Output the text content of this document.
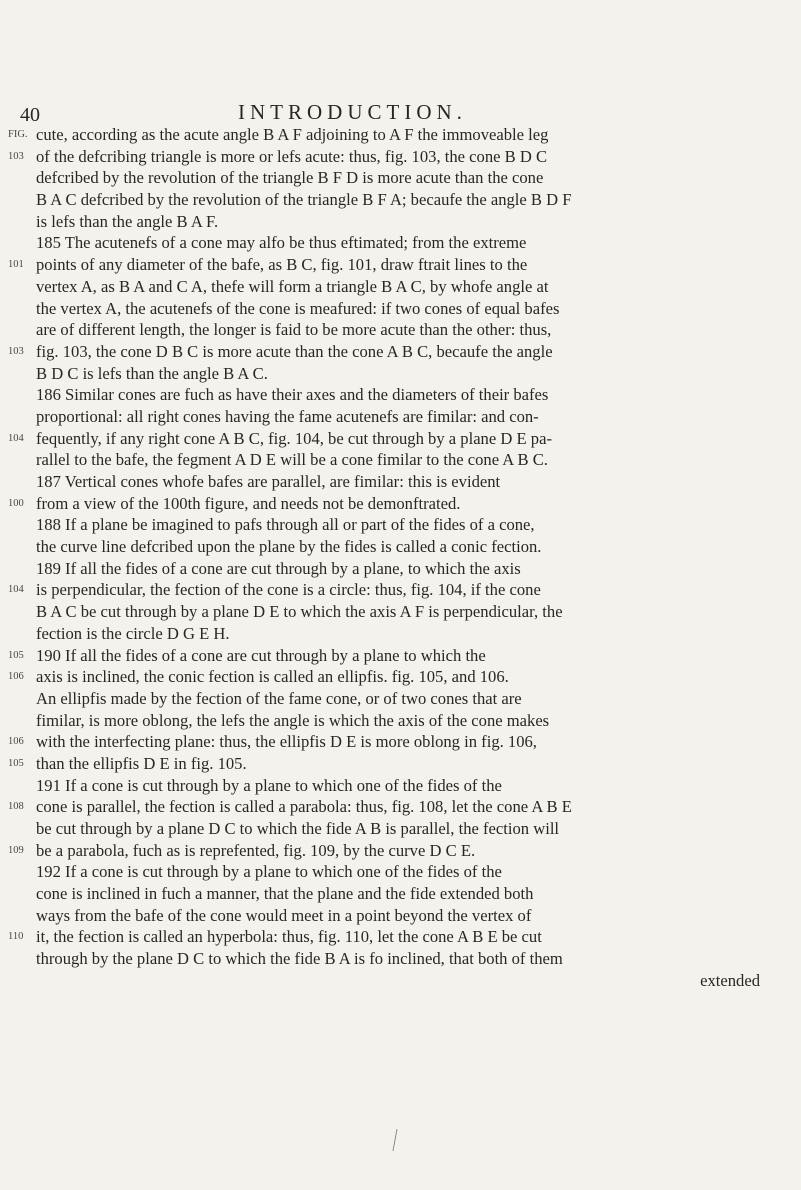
40	INTRODUCTION.
FIG. cute, according as the acute angle B A F adjoining to A F the immoveable leg
103 of the defcribing triangle is more or lefs acute: thus, fig. 103, the cone B D C
defcribed by the revolution of the triangle B F D is more acute than the cone
B A C defcribed by the revolution of the triangle B F A; becaufe the angle B D F
is lefs than the angle B A F.
185 The acutenefs of a cone may alfo be thus eftimated; from the extreme
101 points of any diameter of the bafe, as B C, fig. 101, draw ftrait lines to the
vertex A, as B A and C A, thefe will form a triangle B A C, by whofe angle at
the vertex A, the acutenefs of the cone is meafured: if two cones of equal bafes
are of different length, the longer is faid to be more acute than the other: thus,
103 fig. 103, the cone D B C is more acute than the cone A B C, becaufe the angle
B D C is lefs than the angle B A C.
186 Similar cones are fuch as have their axes and the diameters of their bafes
proportional: all right cones having the fame acutenefs are fimilar: and con-
104 fequently, if any right cone A B C, fig. 104, be cut through by a plane D E pa-
rallel to the bafe, the fegment A D E will be a cone fimilar to the cone A B C.
187 Vertical cones whofe bafes are parallel, are fimilar: this is evident
100 from a view of the 100th figure, and needs not be demonftrated.
188 If a plane be imagined to pafs through all or part of the fides of a cone,
the curve line defcribed upon the plane by the fides is called a conic fection.
189 If all the fides of a cone are cut through by a plane, to which the axis
104 is perpendicular, the fection of the cone is a circle: thus, fig. 104, if the cone
B A C be cut through by a plane D E to which the axis A F is perpendicular, the
fection is the circle D G E H.
105 190 If all the fides of a cone are cut through by a plane to which the
106 axis is inclined, the conic fection is called an ellipfis. fig. 105, and 106.
An ellipfis made by the fection of the fame cone, or of two cones that are
fimilar, is more oblong, the lefs the angle is which the axis of the cone makes
106 with the interfecting plane: thus, the ellipfis D E is more oblong in fig. 106,
105 than the ellipfis D E in fig. 105.
191 If a cone is cut through by a plane to which one of the fides of the
108 cone is parallel, the fection is called a parabola: thus, fig. 108, let the cone A B E
be cut through by a plane D C to which the fide A B is parallel, the fection will
109 be a parabola, fuch as is reprefented, fig. 109, by the curve D C E.
192 If a cone is cut through by a plane to which one of the fides of the
cone is inclined in fuch a manner, that the plane and the fide extended both
ways from the bafe of the cone would meet in a point beyond the vertex of
110 it, the fection is called an hyperbola: thus, fig. 110, let the cone A B E be cut
through by the plane D C to which the fide B A is fo inclined, that both of them
extended
